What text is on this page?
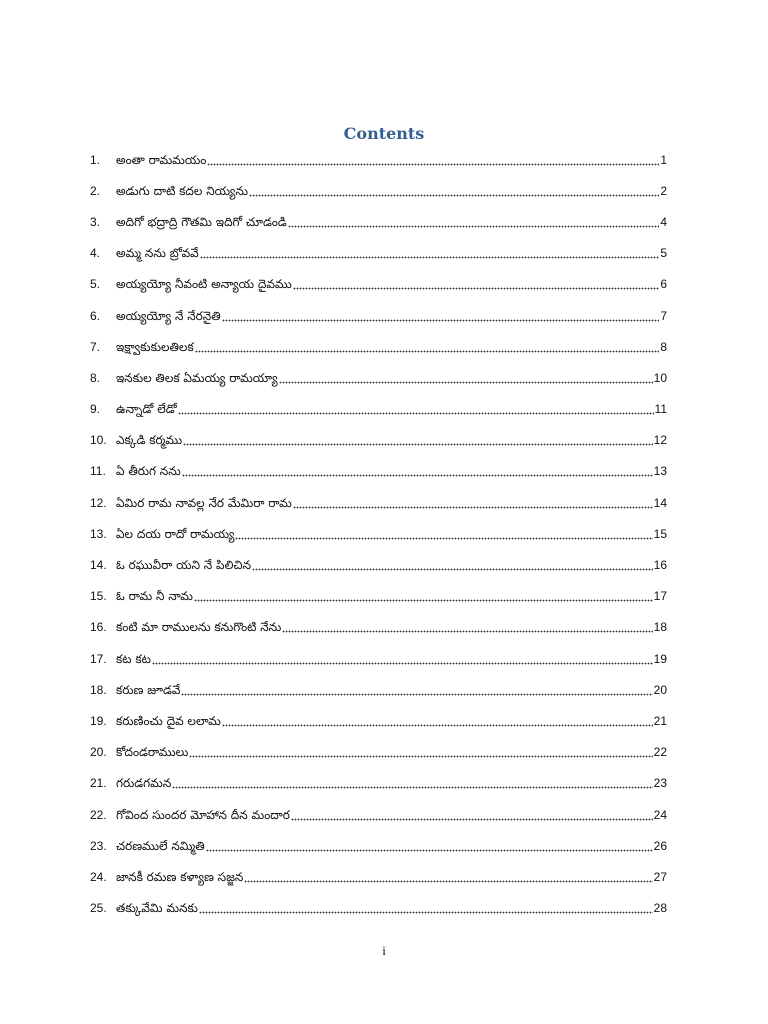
Contents
1.	అంతా రామమయం	1
2.	అడుగు దాటి కదల నియ్యను	2
3.	అదిగో భద్రాద్రి గౌతమి ఇదిగో చూడండి	4
4.	అమ్మ నను బ్రోవవే	5
5.	అయ్యయ్యో నీవంటి అన్యాయ దైవము	6
6.	అయ్యయ్యో నే నేరనైతి	7
7.	ఇక్ష్వాకుకులతిలక	8
8.	ఇనకుల తిలక ఏమయ్య రామయ్యా	10
9.	ఉన్నాడో లేడో	11
10. ఎక్కడి కర్మము	12
11. ఏ తీరుగ నను	13
12. ఏమిర రామ నావల్ల నేర మేమిరా రామ	14
13. ఏల దయ రాదో రామయ్య	15
14. ఓ రఘువీరా యని నే పిలిచిన	16
15. ఓ రామ నీ నామ	17
16. కంటి మా రాములను కనుగొంటి నేను	18
17. కట కట	19
18. కరుణ జూడవే	20
19. కరుణించు దైవ లలామ	21
20. కోదండరాములు	22
21. గరుడగమన	23
22. గోవింద సుందర మోహాన దీన మందార	24
23. చరణములే నమ్మితి	26
24. జానకీ రమణ కళ్యాణ సజ్జన	27
25. తక్కువేమి మనకు	28
i
